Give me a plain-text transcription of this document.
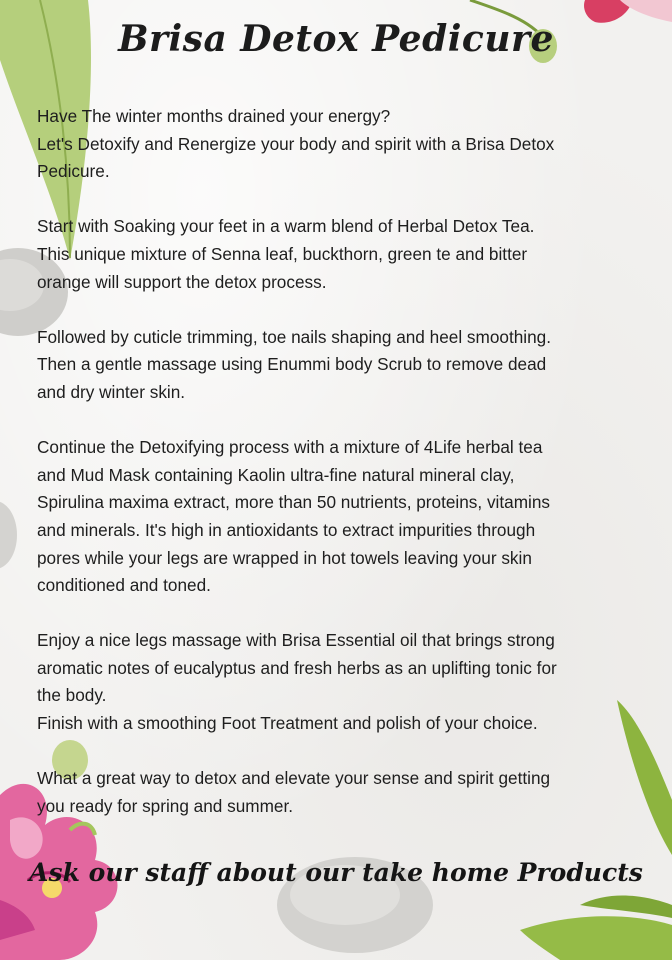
Brisa Detox Pedicure
Have The winter months drained your energy?
Let's Detoxify and Renergize your body and spirit with a Brisa Detox
Pedicure.
Start with Soaking your feet in a warm blend of Herbal Detox Tea.
This unique mixture of Senna leaf, buckthorn, green te and bitter
orange will support the detox process.
Followed by cuticle trimming, toe nails shaping and heel smoothing.
Then a gentle massage using Enummi body Scrub to remove dead
and dry winter skin.
Continue the Detoxifying process with a mixture of 4Life herbal tea
and Mud Mask containing Kaolin ultra-fine natural mineral clay,
Spirulina maxima extract, more than 50 nutrients, proteins, vitamins
and minerals. It's high in antioxidants to extract impurities through
pores while your legs are wrapped in hot towels leaving your skin
conditioned and toned.
Enjoy a nice legs massage with Brisa Essential oil that brings strong
aromatic notes of eucalyptus and fresh herbs as an uplifting tonic for
the body.
Finish with a smoothing Foot Treatment and polish of your choice.
What a great way to detox and elevate your sense and spirit getting
you ready for spring and summer.
Ask our staff about our take home Products
